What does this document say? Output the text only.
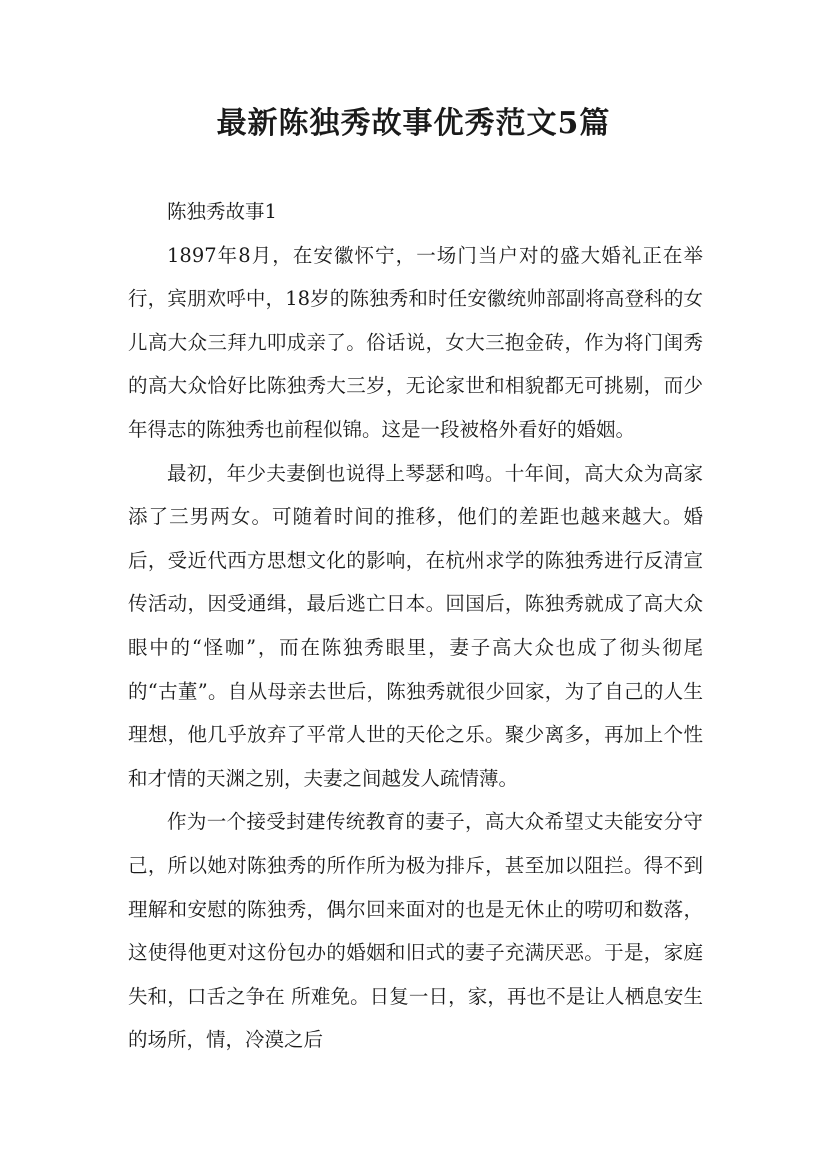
最新陈独秀故事优秀范文5篇

陈独秀故事1

1897年8月，在安徽怀宁，一场门当户对的盛大婚礼正在举行，宾朋欢呼中，18岁的陈独秀和时任安徽统帅部副将高登科的女儿高大众三拜九叩成亲了。俗话说，女大三抱金砖，作为将门闺秀的高大众恰好比陈独秀大三岁，无论家世和相貌都无可挑剔，而少年得志的陈独秀也前程似锦。这是一段被格外看好的婚姻。

最初，年少夫妻倒也说得上琴瑟和鸣。十年间，高大众为高家添了三男两女。可随着时间的推移，他们的差距也越来越大。婚后，受近代西方思想文化的影响，在杭州求学的陈独秀进行反清宣传活动，因受通缉，最后逃亡日本。回国后，陈独秀就成了高大众眼中的“怪咖”，而在陈独秀眼里，妻子高大众也成了彻头彻尾的“古董”。自从母亲去世后，陈独秀就很少回家，为了自己的人生理想，他几乎放弃了平常人世的天伦之乐。聚少离多，再加上个性和才情的天渊之别，夫妻之间越发人疏情薄。

作为一个接受封建传统教育的妻子，高大众希望丈夫能安分守己，所以她对陈独秀的所作所为极为排斥，甚至加以阻拦。得不到理解和安慰的陈独秀，偶尔回来面对的也是无休止的唠叨和数落，这使得他更对这份包办的婚姻和旧式的妻子充满厌恶。于是，家庭失和，口舌之争在 所难免。日复一日，家，再也不是让人栖息安生的场所，情，冷漠之后
